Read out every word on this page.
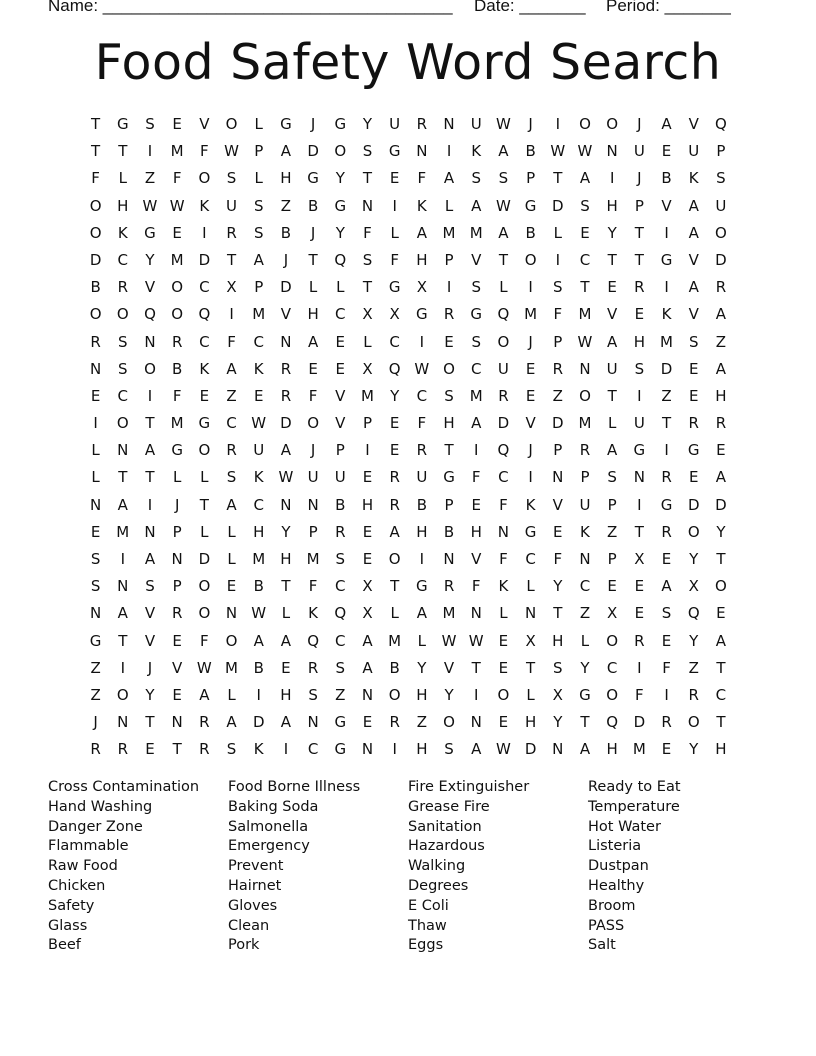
Name: _____________________________________ Date: _______ Period: _______
Food Safety Word Search
T	G	S	E	V	O	L	G	J	G	Y	U	R	N	U W	J	I	O	O	J	A	V	Q
T	T	I	M	F	W	P	A	D	O	S	G	N	I	K	A	B W W N	U	E	U	P
F	L	Z	F	O	S	L	H	G	Y	T	E	F	A	S	S	P	T	A	I	J	B	K	S
O	H W W K	U	S	Z	B	G	N	I	K	L	A W G	D	S	H	P	V	A	U
O	K	G	E	I	R	S	B	J	Y	F	L	A	M M	A	B	L	E	Y	T	I	A	O
D	C	Y	M D	T	A	J	T	Q	S	F	H	P	V	T	O	I	C	T	T	G	V	D
B	R	V	O	C	X	P	D	L	L	T	G	X	I	S	L	I	S	T	E	R	I	A	R
O	O	Q	O	Q	I	M	V	H	C	X	X	G	R	G	Q M	F	M	V	E	K	V	A
R	S	N	R	C	F	C	N	A	E	L	C	I	E	S	O	J	P	W A	H	M	S	Z
N	S	O	B	K	A	K	R	E	E	X	Q W O	C	U	E	R	N	U	S	D	E	A
E	C	I	F	E	Z	E	R	F	V	M	Y	C	S	M	R	E	Z	O	T	I	Z	E	H
I	O	T	M G	C W D	O	V	P	E	F	H	A	D	V	D M	L	U	T	R	R
L	N	A	G	O	R	U	A	J	P	I	E	R	T	I	Q	J	P	R	A	G	I	G	E
L	T	T	L	L	S	K W U	U	E	R	U	G	F	C	I	N	P	S	N	R	E	A
N	A	I	J	T	A	C	N	N	B	H	R	B	P	E	F	K	V	U	P	I	G	D	D
E	M	N	P	L	L	H	Y	P	R	E	A	H	B	H	N	G	E	K	Z	T	R	O	Y
S	I	A	N	D	L	M	H	M	S	E	O	I	N	V	F	C	F	N	P	X	E	Y	T
S	N	S	P	O	E	B	T	F	C	X	T	G	R	F	K	L	Y	C	E	E	A	X	O
N	A	V	R	O	N W	L	K	Q	X	L	A	M	N	L	N	T	Z	X	E	S	Q	E
G	T	V	E	F	O	A	A	Q	C	A	M	L	W W	E	X	H	L	O	R	E	Y	A
Z	I	J	V W M	B	E	R	S	A	B	Y	V	T	E	T	S	Y	C	I	F	Z	T
Z	O	Y	E	A	L	I	H	S	Z	N	O	H	Y	I	O	L	X	G	O	F	I	R	C
J	N	T	N	R	A	D	A	N	G	E	R	Z	O	N	E	H	Y	T	Q	D	R	O	T
R	R	E	T	R	S	K	I	C	G	N	I	H	S	A W D	N	A	H	M	E	Y	H
Cross Contamination
Hand Washing
Danger Zone
Flammable
Raw Food
Chicken
Safety
Glass
Beef
Food Borne Illness
Baking Soda
Salmonella
Emergency
Prevent
Hairnet
Gloves
Clean
Pork
Fire Extinguisher
Grease Fire
Sanitation
Hazardous
Walking
Degrees
E Coli
Thaw
Eggs
Ready to Eat
Temperature
Hot Water
Listeria
Dustpan
Healthy
Broom
PASS
Salt
